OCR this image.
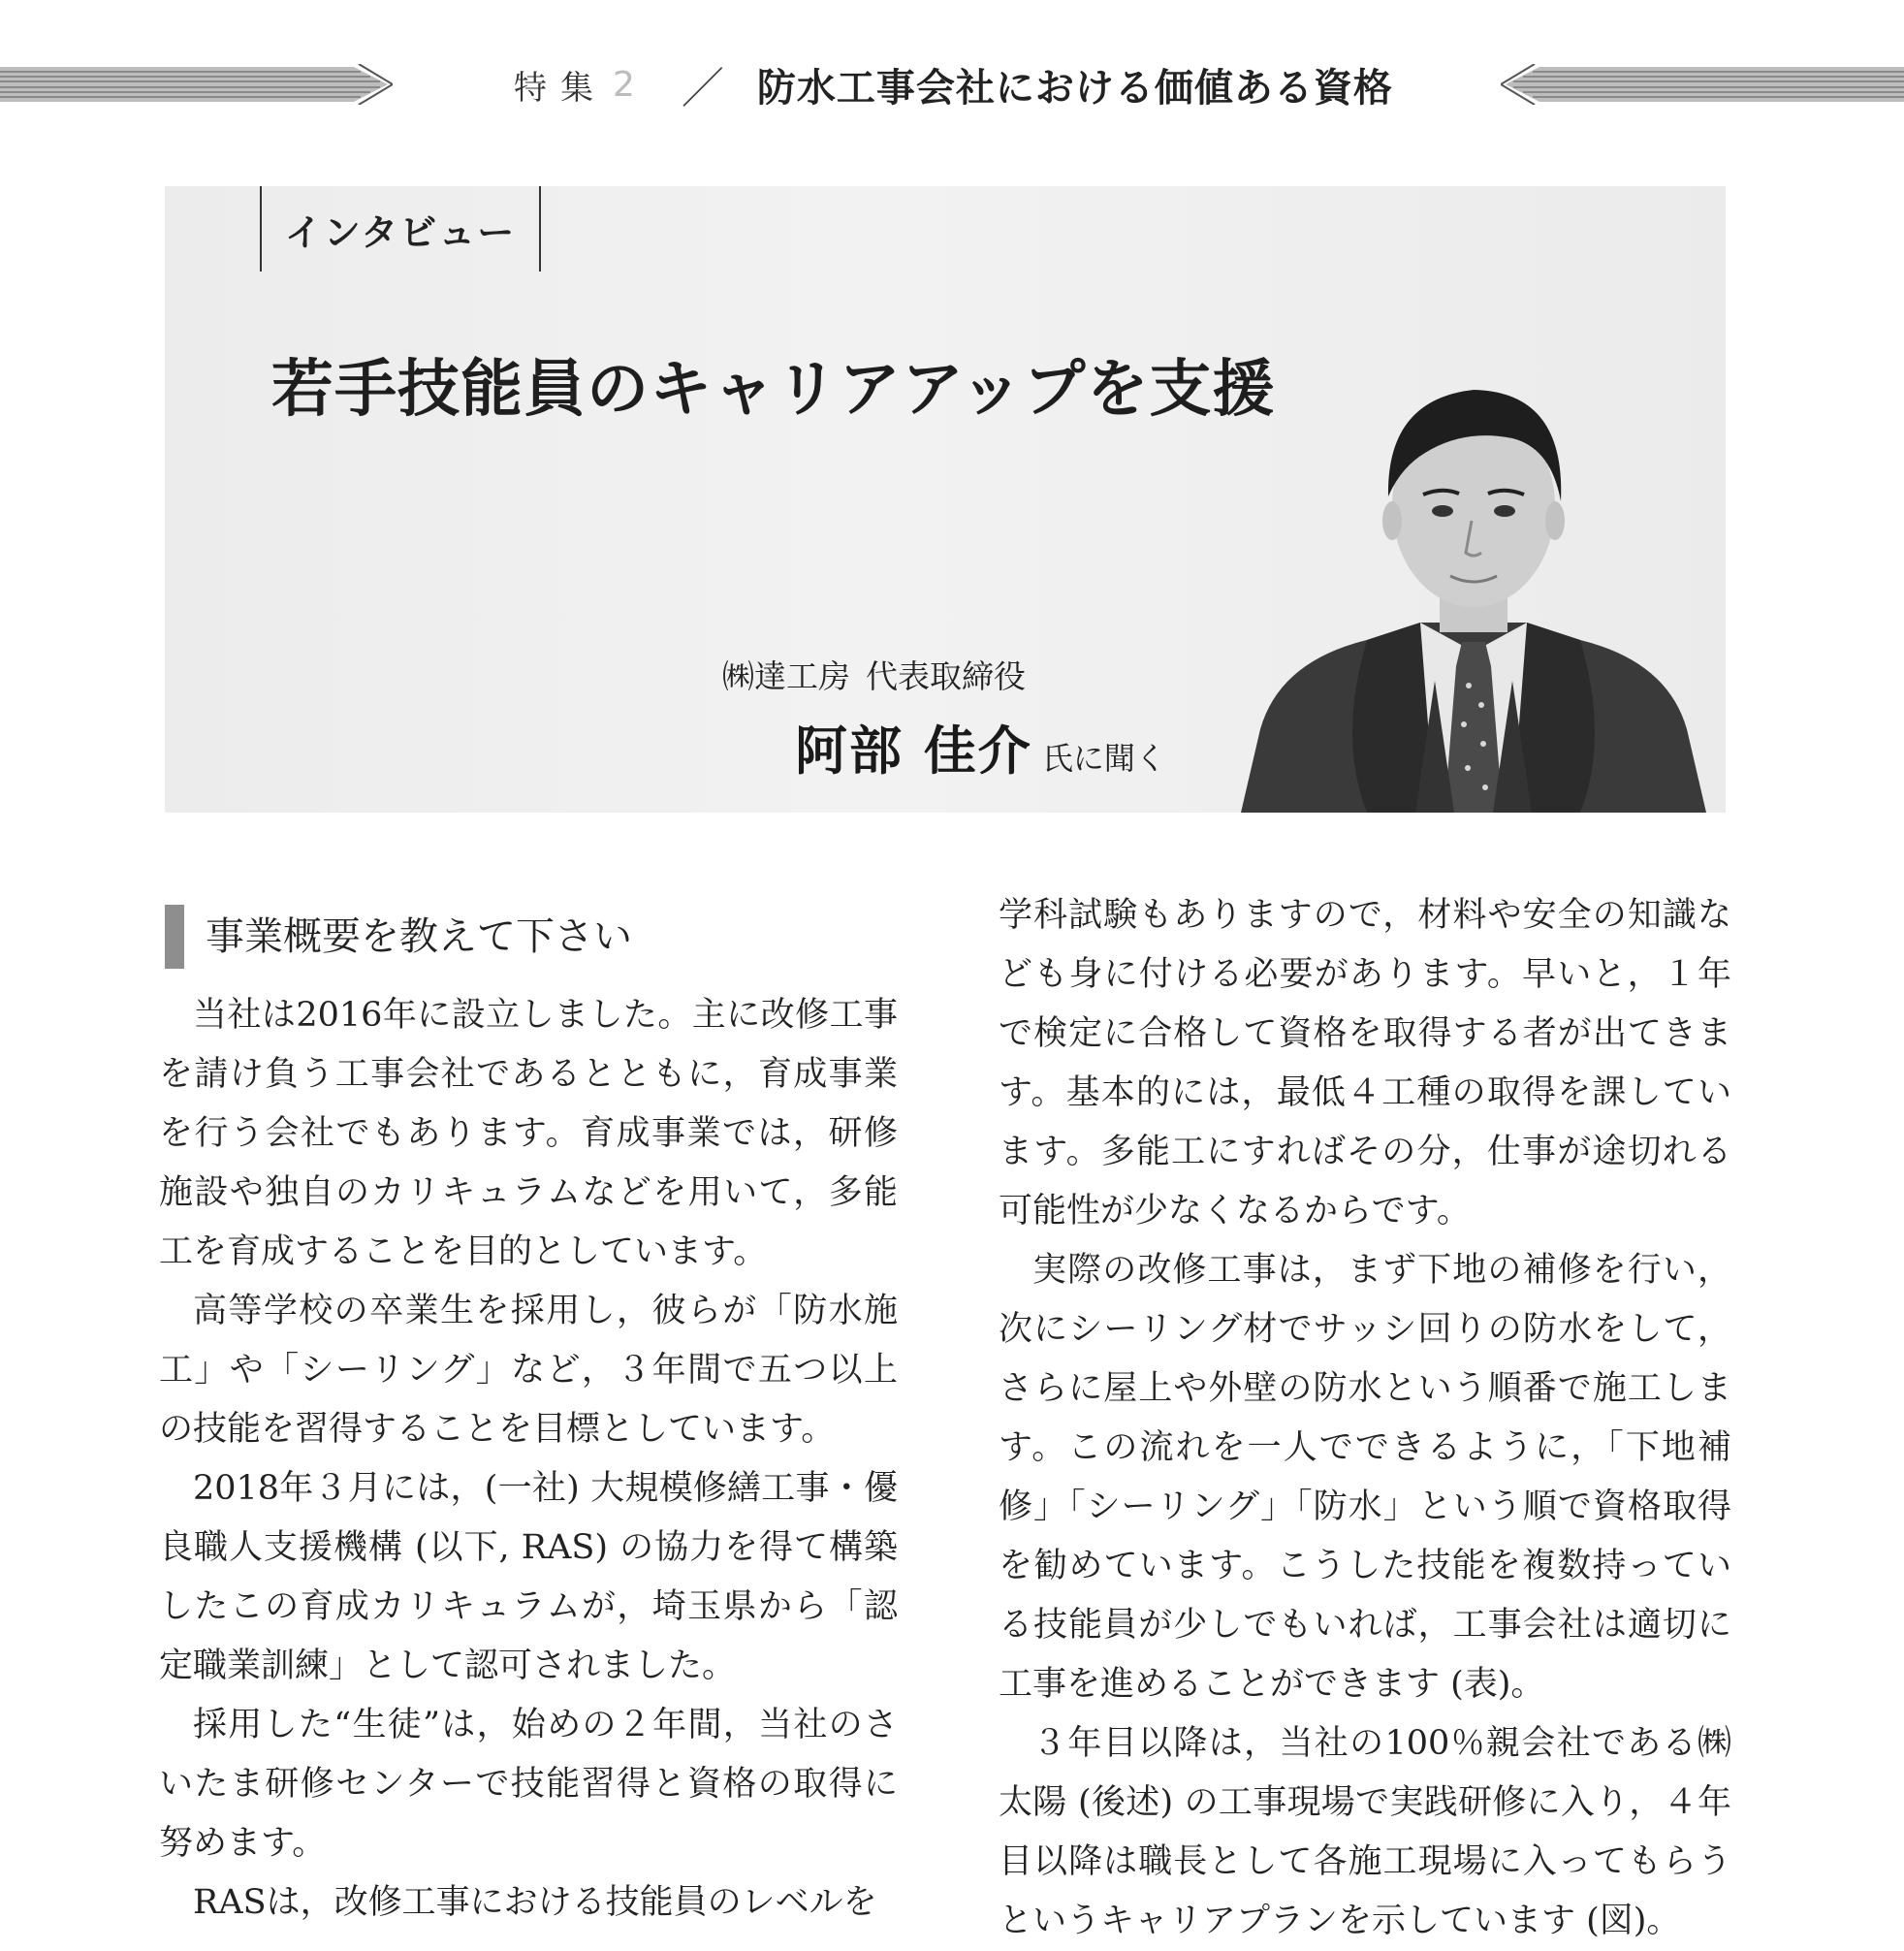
特集 2 ／ 防水工事会社における価値ある資格
インタビュー
若手技能員のキャリアアップを支援
㈱達工房 代表取締役
阿部 佳介 氏に聞く
事業概要を教えて下さい

当社は2016年に設立しました。主に改修工事を請け負う工事会社であるとともに，育成事業を行う会社でもあります。育成事業では，研修施設や独自のカリキュラムなどを用いて，多能工を育成することを目的としています。

高等学校の卒業生を採用し，彼らが「防水施工」や「シーリング」など，３年間で五つ以上の技能を習得することを目標としています。

2018年３月には，(一社) 大規模修繕工事・優良職人支援機構 (以下, RAS) の協力を得て構築したこの育成カリキュラムが，埼玉県から「認定職業訓練」として認可されました。

採用した“生徒”は，始めの２年間，当社のさいたま研修センターで技能習得と資格の取得に努めます。

RASは，改修工事における技能員のレベルを

学科試験もありますので，材料や安全の知識なども身に付ける必要があります。早いと，１年で検定に合格して資格を取得する者が出てきます。基本的には，最低４工種の取得を課しています。多能工にすればその分，仕事が途切れる可能性が少なくなるからです。

実際の改修工事は，まず下地の補修を行い，次にシーリング材でサッシ回りの防水をして，さらに屋上や外壁の防水という順番で施工します。この流れを一人でできるように，「下地補修」「シーリング」「防水」という順で資格取得を勧めています。こうした技能を複数持っている技能員が少しでもいれば，工事会社は適切に工事を進めることができます (表)。

３年目以降は，当社の100％親会社である㈱太陽 (後述) の工事現場で実践研修に入り，４年目以降は職長として各施工現場に入ってもらうというキャリアプランを示しています (図)。
